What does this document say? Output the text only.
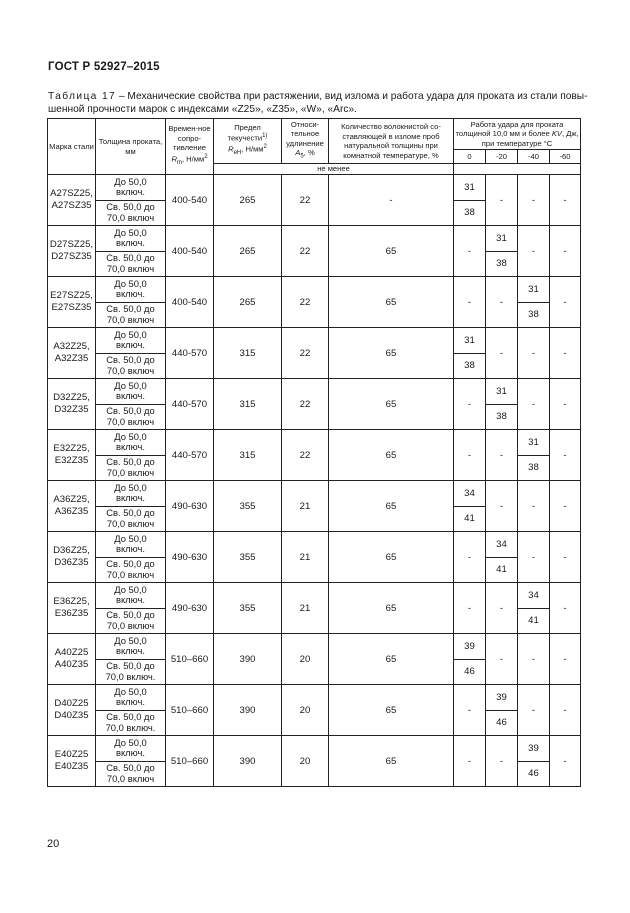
ГОСТ Р 52927–2015
Таблица 17 – Механические свойства при растяжении, вид излома и работа удара для проката из стали повы-
шенной прочности марок с индексами «Z25», «Z35», «W», «Arc».
Марка стали	Толщина проката, мм	Времен-ное сопро-тивление
$R_m$, $Н/мм^2$	Предел текучести$^{1)}$
$R_{eH}$, $Н/мм^2$	Относи-тельное удлинение
$A_5$, %	Количество волокнистой со-ставляющей в изломе проб натуральной толщины при комнатной температуре, %	Работа удара для проката толщиной 10,0 мм и более KV, Дж, при температуре °С			
						0	-20	-40	-60
			не менее						
A27SZ25,
A27SZ35	До 50,0
включ.	400-540	265	22	-	31	-	-	-
	Св. 50,0 до
70,0 включ					38			
D27SZ25,
D27SZ35	До 50,0
включ.	400-540	265	22	65	-	31	-	-
	Св. 50,0 до
70,0 включ						38		
E27SZ25,
E27SZ35	До 50,0
включ.	400-540	265	22	65	-	-	31	-
	Св. 50,0 до
70,0 включ							38	
A32Z25,
A32Z35	До 50,0
включ.	440-570	315	22	65	31	-	-	-
	Св. 50,0 до
70,0 включ					38			
D32Z25,
D32Z35	До 50,0
включ.	440-570	315	22	65	-	31	-	-
	Св. 50,0 до
70,0 включ						38		
E32Z25,
E32Z35	До 50,0
включ.	440-570	315	22	65	-	-	31	-
	Св. 50,0 до
70,0 включ							38	
A36Z25,
A36Z35	До 50,0
включ.	490-630	355	21	65	34	-	-	-
	Св. 50,0 до
70,0 включ					41			
D36Z25,
D36Z35	До 50,0
включ.	490-630	355	21	65	-	34	-	-
	Св. 50,0 до
70,0 включ						41		
E36Z25,
E36Z35	До 50,0
включ.	490-630	355	21	65	-	-	34	-
	Св. 50,0 до
70,0 включ							41	
A40Z25
A40Z35	До 50,0
включ.	510–660	390	20	65	39	-	-	-
	Св. 50,0 до
70,0 включ.					46			
D40Z25
D40Z35	До 50,0
включ.	510–660	390	20	65	-	39	-	-
	Св. 50,0 до
70,0 включ.						46		
E40Z25
E40Z35	До 50,0
включ.	510–660	390	20	65	-	-	39	-
	Св. 50,0 до
70,0 включ							46	
20
